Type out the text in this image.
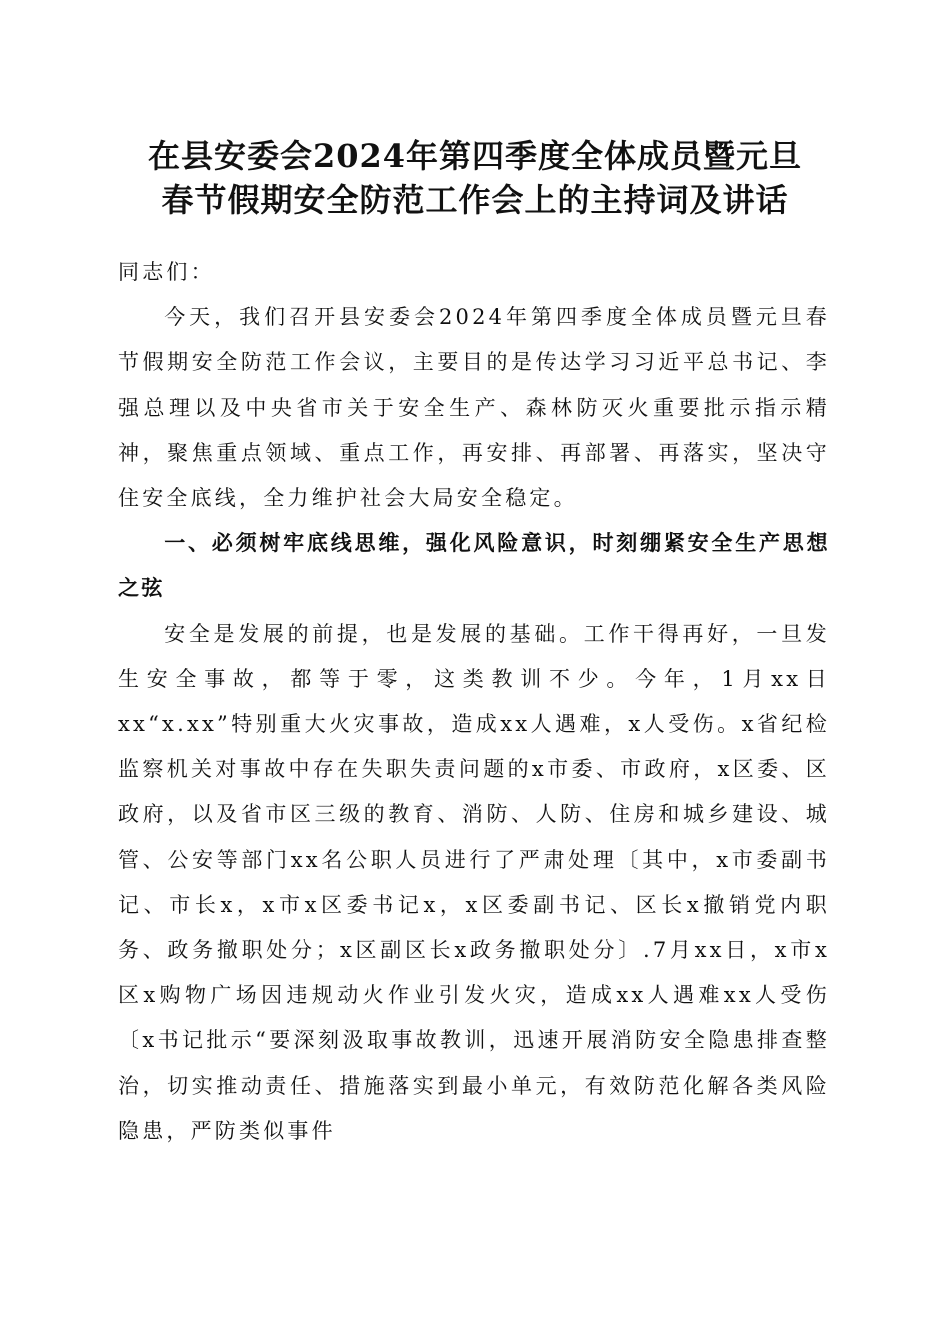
在县安委会2024年第四季度全体成员暨元旦
春节假期安全防范工作会上的主持词及讲话

同志们：

今天，我们召开县安委会2024年第四季度全体成员暨元旦春节假期安全防范工作会议，主要目的是传达学习习近平总书记、李强总理以及中央省市关于安全生产、森林防灭火重要批示指示精神，聚焦重点领域、重点工作，再安排、再部署、再落实，坚决守住安全底线，全力维护社会大局安全稳定。

一、必须树牢底线思维，强化风险意识，时刻绷紧安全生产思想之弦

安全是发展的前提，也是发展的基础。工作干得再好，一旦发生安全事故，都等于零，这类教训不少。今年，1月xx日xx“x.xx”特别重大火灾事故，造成xx人遇难，x人受伤。x省纪检监察机关对事故中存在失职失责问题的x市委、市政府，x区委、区政府，以及省市区三级的教育、消防、人防、住房和城乡建设、城管、公安等部门xx名公职人员进行了严肃处理〔其中，x市委副书记、市长x，x市x区委书记x，x区委副书记、区长x撤销党内职务、政务撤职处分；x区副区长x政务撤职处分〕.7月xx日，x市x区x购物广场因违规动火作业引发火灾，造成xx人遇难xx人受伤〔x书记批示“要深刻汲取事故教训，迅速开展消防安全隐患排查整治，切实推动责任、措施落实到最小单元，有效防范化解各类风险隐患，严防类似事件
